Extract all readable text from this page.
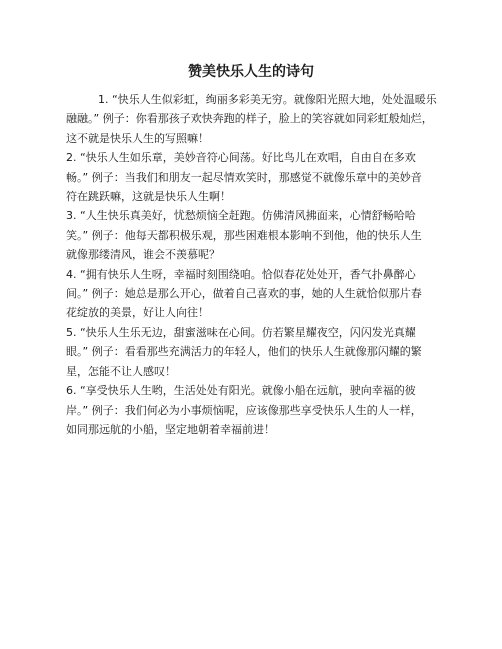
赞美快乐人生的诗句

1. “快乐人生似彩虹，绚丽多彩美无穷。就像阳光照大地，处处温暖乐
融融。” 例子：你看那孩子欢快奔跑的样子，脸上的笑容就如同彩虹般灿烂，
这不就是快乐人生的写照嘛！

2. “快乐人生如乐章，美妙音符心间荡。好比鸟儿在欢唱，自由自在多欢
畅。” 例子：当我们和朋友一起尽情欢笑时，那感觉不就像乐章中的美妙音
符在跳跃嘛，这就是快乐人生啊！

3. “人生快乐真美好，忧愁烦恼全赶跑。仿佛清风拂面来，心情舒畅哈哈
笑。” 例子：他每天都积极乐观，那些困难根本影响不到他，他的快乐人生
就像那缕清风，谁会不羡慕呢？

4. “拥有快乐人生呀，幸福时刻围绕咱。恰似春花处处开，香气扑鼻醉心
间。” 例子：她总是那么开心，做着自己喜欢的事，她的人生就恰似那片春
花绽放的美景，好让人向往！

5. “快乐人生乐无边，甜蜜滋味在心间。仿若繁星耀夜空，闪闪发光真耀
眼。” 例子：看看那些充满活力的年轻人，他们的快乐人生就像那闪耀的繁
星，怎能不让人感叹！

6. “享受快乐人生哟，生活处处有阳光。就像小船在远航，驶向幸福的彼
岸。” 例子：我们何必为小事烦恼呢，应该像那些享受快乐人生的人一样，
如同那远航的小船，坚定地朝着幸福前进！
